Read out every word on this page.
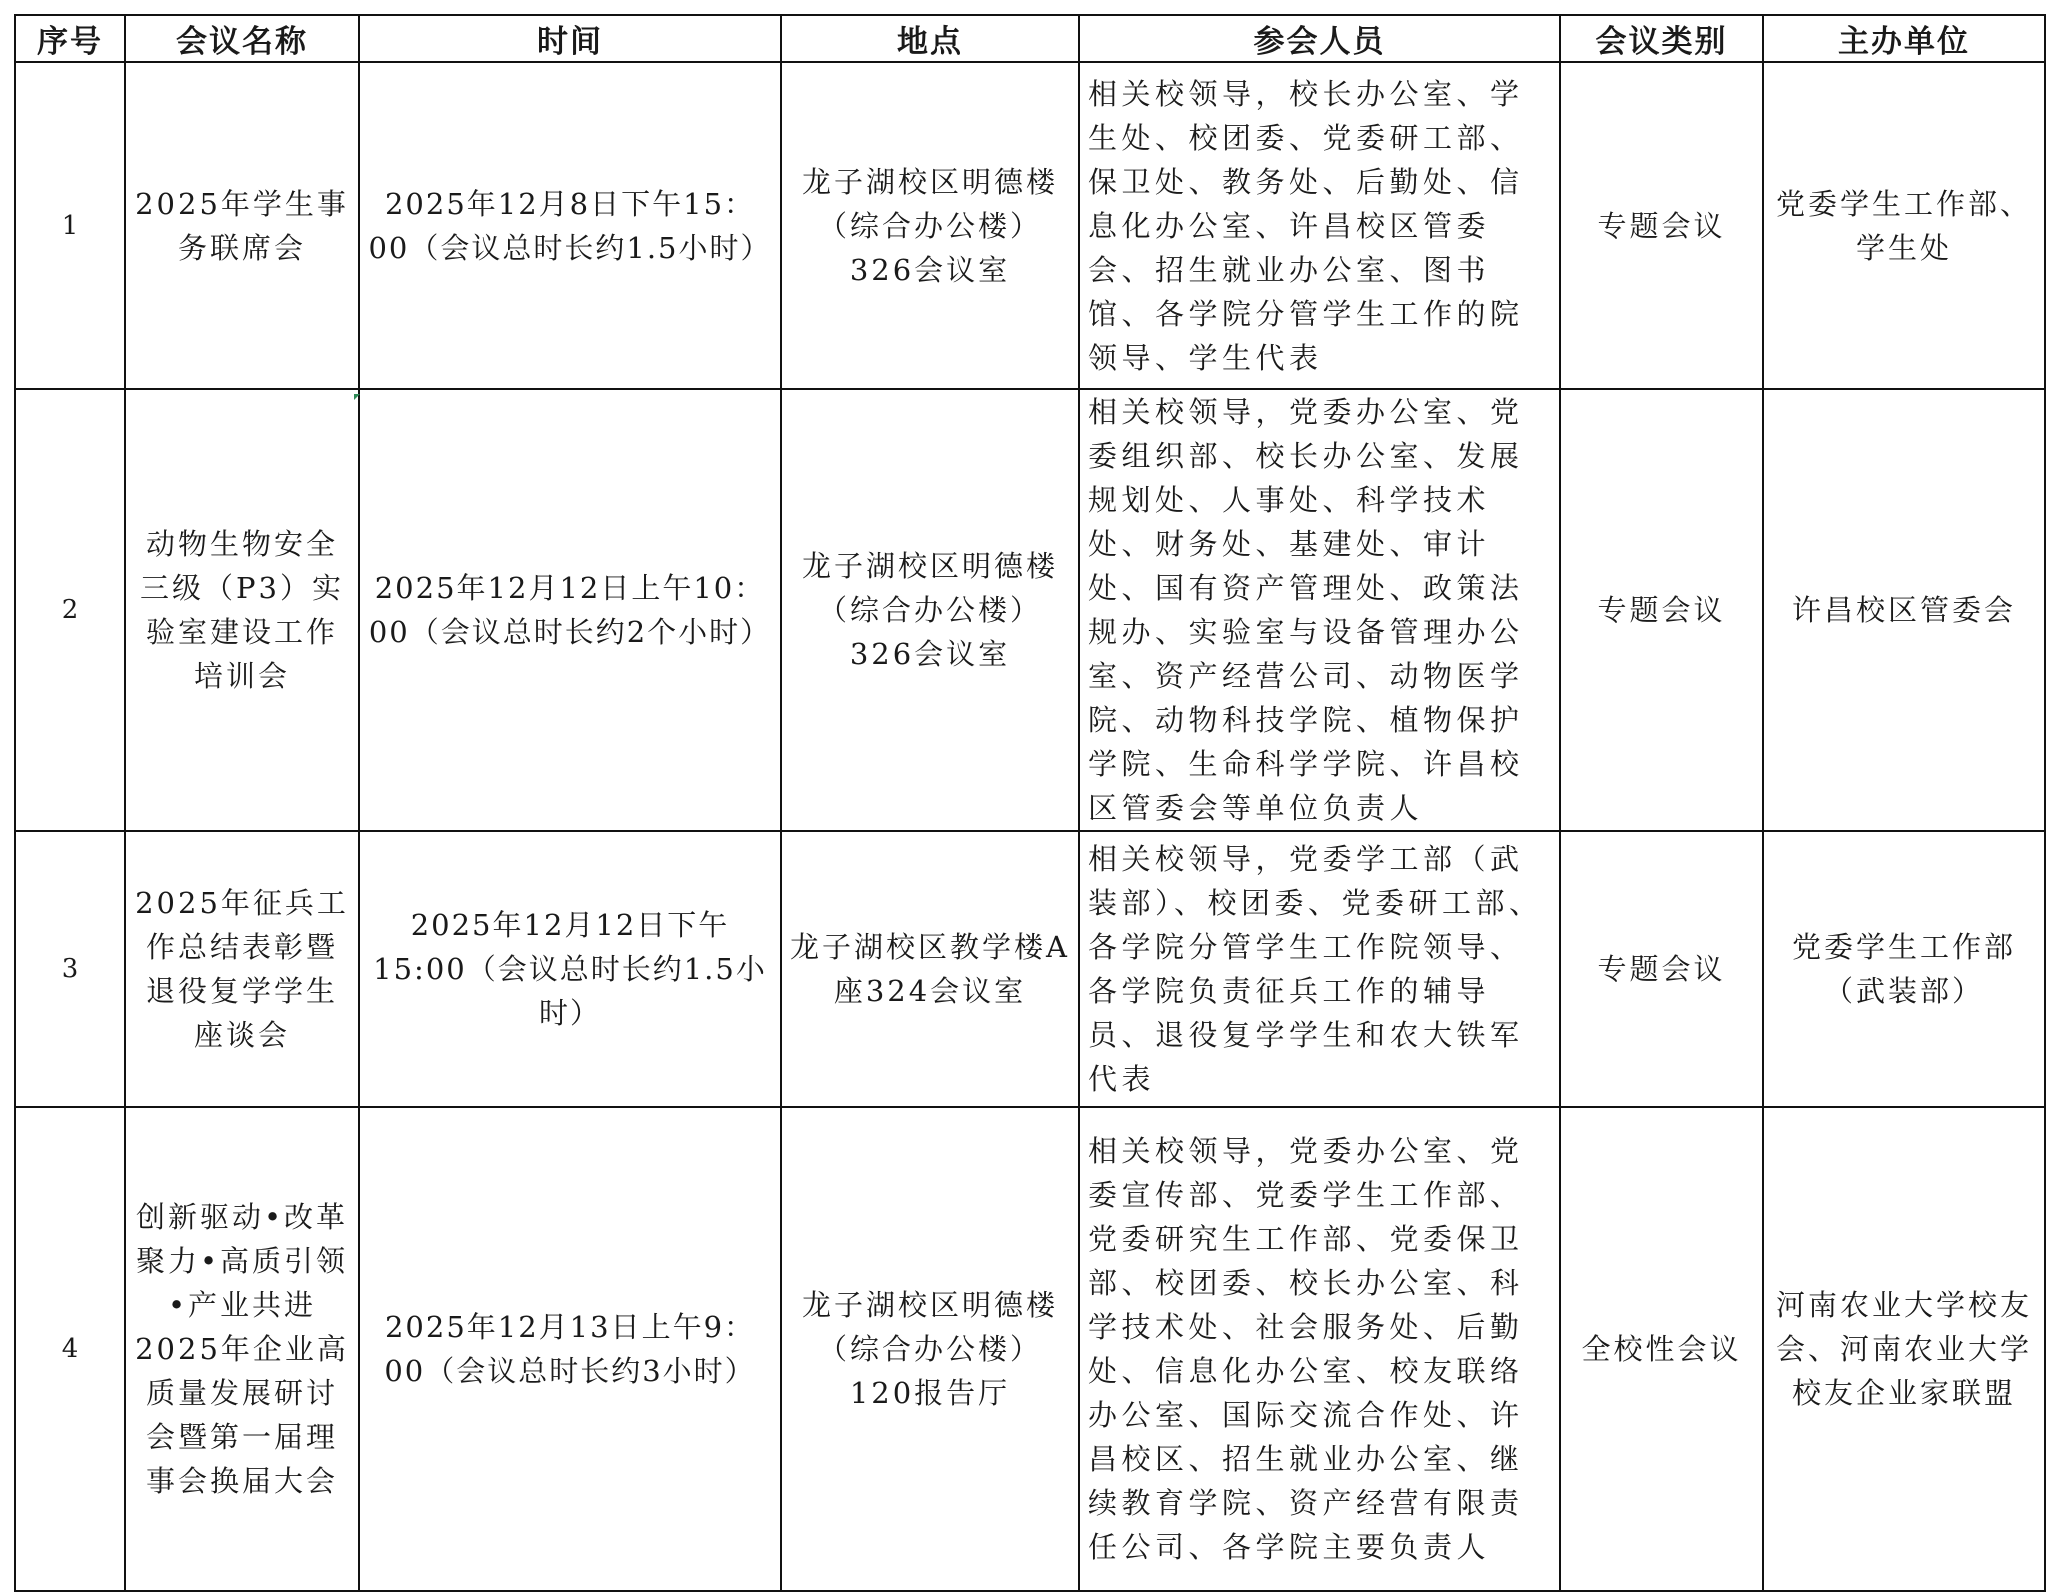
序号	会议名称	时间	地点	参会人员	会议类别	主办单位
1	2025年学生事务联席会	2025年12月8日下午15：00（会议总时长约1.5小时）	龙子湖校区明德楼（综合办公楼）326会议室	相关校领导，校长办公室、学生处、校团委、党委研工部、保卫处、教务处、后勤处、信息化办公室、许昌校区管委会、招生就业办公室、图书馆、各学院分管学生工作的院领导、学生代表	专题会议	党委学生工作部、学生处
2	动物生物安全三级（P3）实验室建设工作培训会	2025年12月12日上午10：00（会议总时长约2个小时）	龙子湖校区明德楼（综合办公楼）326会议室	相关校领导，党委办公室、党委组织部、校长办公室、发展规划处、人事处、科学技术处、财务处、基建处、审计处、国有资产管理处、政策法规办、实验室与设备管理办公室、资产经营公司、动物医学院、动物科技学院、植物保护学院、生命科学学院、许昌校区管委会等单位负责人	专题会议	许昌校区管委会
3	2025年征兵工作总结表彰暨退役复学学生座谈会	2025年12月12日下午15:00（会议总时长约1.5小时）	龙子湖校区教学楼A座324会议室	相关校领导，党委学工部（武装部）、校团委、党委研工部、各学院分管学生工作院领导、各学院负责征兵工作的辅导员、退役复学学生和农大铁军代表	专题会议	党委学生工作部（武装部）
4	创新驱动•改革聚力•高质引领•产业共进2025年企业高质量发展研讨会暨第一届理事会换届大会	2025年12月13日上午9：00（会议总时长约3小时）	龙子湖校区明德楼（综合办公楼）120报告厅	相关校领导，党委办公室、党委宣传部、党委学生工作部、党委研究生工作部、党委保卫部、校团委、校长办公室、科学技术处、社会服务处、后勤处、信息化办公室、校友联络办公室、国际交流合作处、许昌校区、招生就业办公室、继续教育学院、资产经营有限责任公司、各学院主要负责人	全校性会议	河南农业大学校友会、河南农业大学校友企业家联盟
